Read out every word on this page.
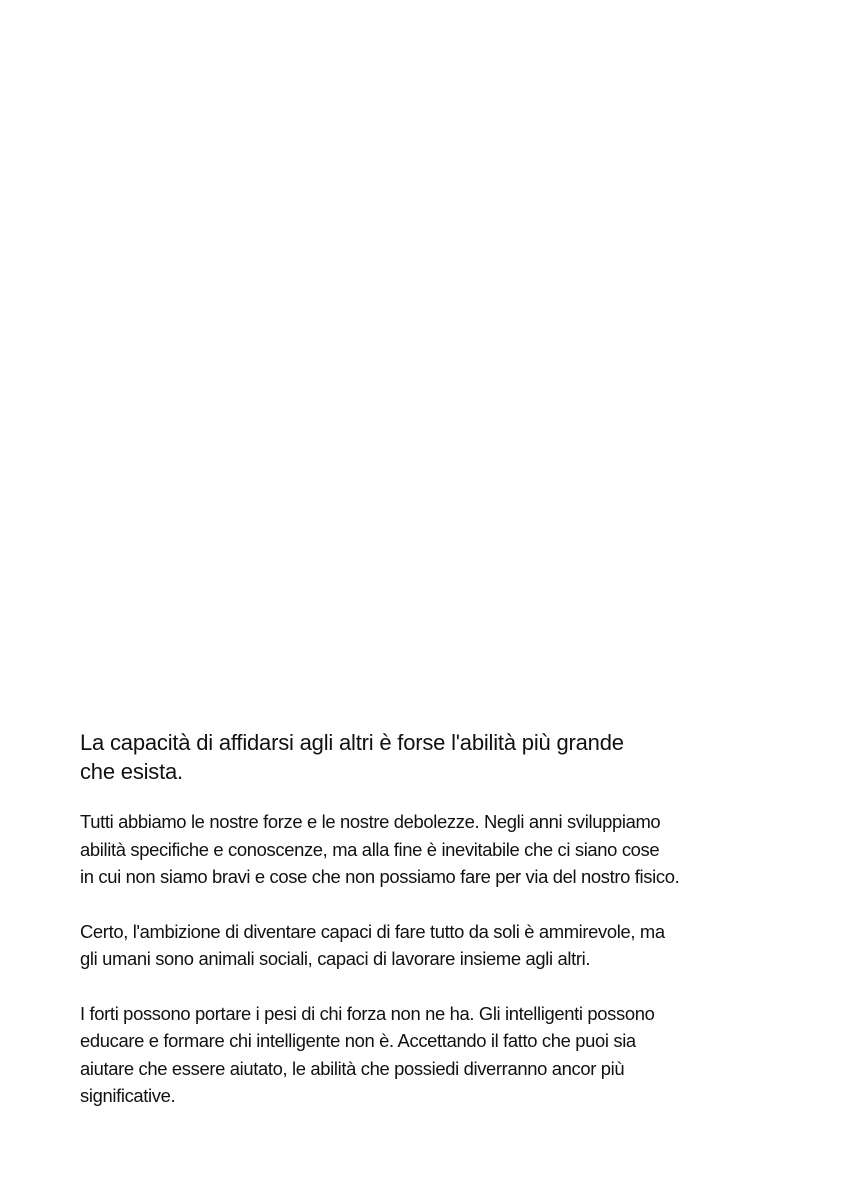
La capacità di affidarsi agli altri è forse l'abilità più grande
che esista.

Tutti abbiamo le nostre forze e le nostre debolezze. Negli anni sviluppiamo
abilità specifiche e conoscenze, ma alla fine è inevitabile che ci siano cose
in cui non siamo bravi e cose che non possiamo fare per via del nostro fisico.

Certo, l'ambizione di diventare capaci di fare tutto da soli è ammirevole, ma
gli umani sono animali sociali, capaci di lavorare insieme agli altri.

I forti possono portare i pesi di chi forza non ne ha. Gli intelligenti possono
educare e formare chi intelligente non è. Accettando il fatto che puoi sia
aiutare che essere aiutato, le abilità che possiedi diverranno ancor più
significative.
